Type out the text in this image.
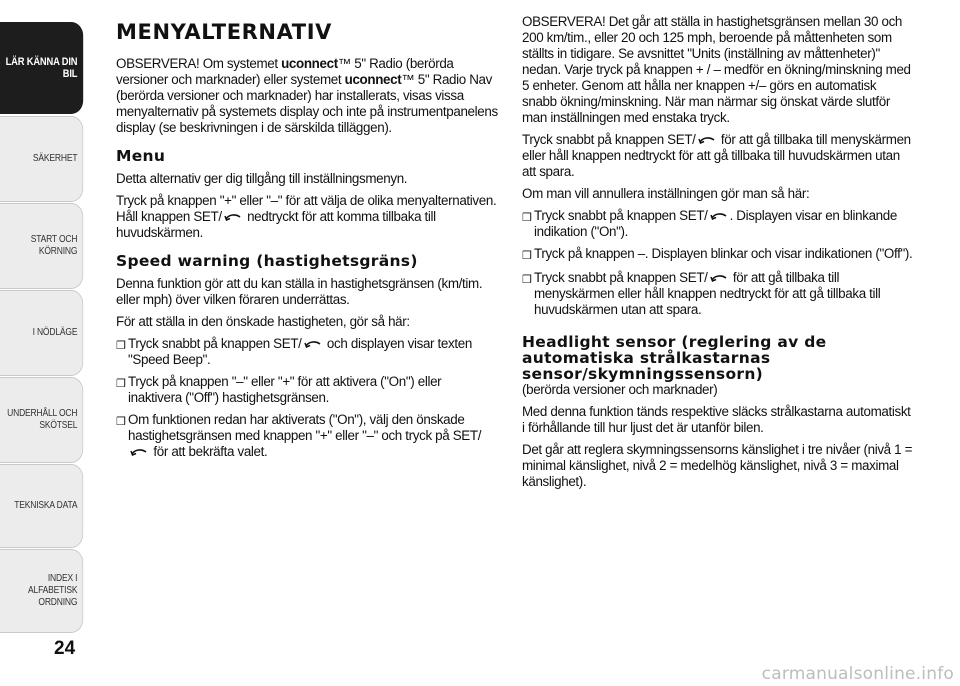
LÄR KÄNNA DIN
BIL
SÄKERHET
START OCH
KÖRNING
I NÖDLÄGE
UNDERHÅLL OCH
SKÖTSEL
TEKNISKA DATA
INDEX I ALFABETISK
ORDNING
24
MENYALTERNATIV

OBSERVERA! Om systemet uconnect™ 5" Radio (berörda versioner och marknader) eller systemet uconnect™ 5" Radio Nav (berörda versioner och marknader) har installerats, visas vissa menyalternativ på systemets display och inte på instrumentpanelens display (se beskrivningen i de särskilda tilläggen).

Menu

Detta alternativ ger dig tillgång till inställningsmenyn.

Tryck på knappen "+" eller "–" för att välja de olika menyalternativen. Håll knappen SET/
nedtryckt för att komma tillbaka till huvudskärmen.

Speed warning (hastighetsgräns)

Denna funktion gör att du kan ställa in hastighetsgränsen (km/tim. eller mph) över vilken föraren underrättas.

För att ställa in den önskade hastigheten, gör så här:

❒ Tryck snabbt på knappen SET/
och displayen visar texten "Speed Beep".
❒ Tryck på knappen "–" eller "+" för att aktivera ("On") eller inaktivera ("Off") hastighetsgränsen.
❒ Om funktionen redan har aktiverats ("On"), välj den önskade hastighetsgränsen med knappen "+" eller "–" och tryck på SET/

för att bekräfta valet.

OBSERVERA! Det går att ställa in hastighetsgränsen mellan 30 och 200 km/tim., eller 20 och 125 mph, beroende på måttenheten som ställts in tidigare. Se avsnittet "Units (inställning av måttenheter)" nedan. Varje tryck på knappen + / – medför en ökning/minskning med 5 enheter. Genom att hålla ner knappen +/– görs en automatisk snabb ökning/minskning. När man närmar sig önskat värde slutför man inställningen med enstaka tryck.

Tryck snabbt på knappen SET/
för att gå tillbaka till menyskärmen eller håll knappen nedtryckt för att gå tillbaka till huvudskärmen utan att spara.

Om man vill annullera inställningen gör man så här:

❒ Tryck snabbt på knappen SET/ . Displayen visar en blinkande indikation ("On").
❒ Tryck på knappen –. Displayen blinkar och visar indikationen ("Off").
❒ Tryck snabbt på knappen SET/
för att gå tillbaka till menyskärmen eller håll knappen nedtryckt för att gå tillbaka till huvudskärmen utan att spara.
Headlight sensor (reglering av de automatiska strålkastarnas sensor/skymningssensorn)

(berörda versioner och marknader)

Med denna funktion tänds respektive släcks strålkastarna automatiskt i förhållande till hur ljust det är utanför bilen.

Det går att reglera skymningssensorns känslighet i tre nivåer (nivå 1 = minimal känslighet, nivå 2 = medelhög känslighet, nivå 3 = maximal känslighet).

carmanualsonline.info
